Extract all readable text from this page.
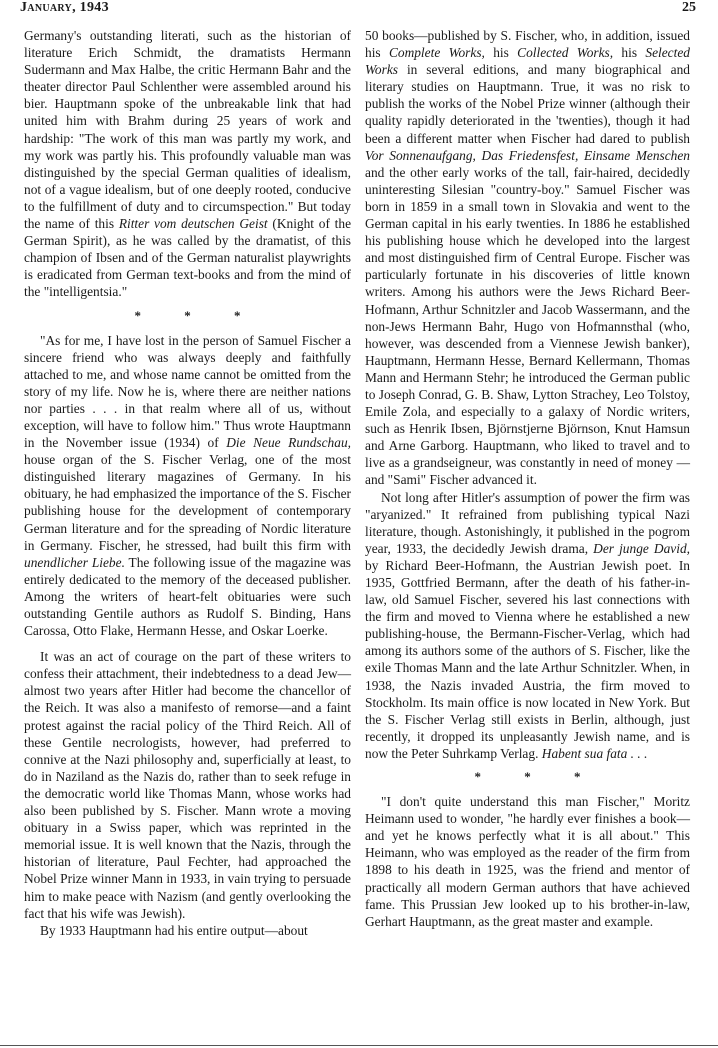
January, 1943	25

Germany's outstanding literati, such as the historian of literature Erich Schmidt, the dramatists Hermann Sudermann and Max Halbe, the critic Hermann Bahr and the theater director Paul Schlenther were assembled around his bier. Hauptmann spoke of the unbreakable link that had united him with Brahm during 25 years of work and hardship: "The work of this man was partly my work, and my work was partly his. This profoundly valuable man was distinguished by the special German qualities of idealism, not of a vague idealism, but of one deeply rooted, conducive to the fulfillment of duty and to circumspection." But today the name of this Ritter vom deutschen Geist (Knight of the German Spirit), as he was called by the dramatist, of this champion of Ibsen and of the German naturalist playwrights is eradicated from German text-books and from the mind of the "intelligentsia."

* * *

"As for me, I have lost in the person of Samuel Fischer a sincere friend who was always deeply and faithfully attached to me, and whose name cannot be omitted from the story of my life. Now he is, where there are neither nations nor parties . . . in that realm where all of us, without exception, will have to follow him." Thus wrote Hauptmann in the November issue (1934) of Die Neue Rundschau, house organ of the S. Fischer Verlag, one of the most distinguished literary magazines of Germany. In his obituary, he had emphasized the importance of the S. Fischer publishing house for the development of contemporary German literature and for the spreading of Nordic literature in Germany. Fischer, he stressed, had built this firm with unendlicher Liebe. The following issue of the magazine was entirely dedicated to the memory of the deceased publisher. Among the writers of heart-felt obituaries were such outstanding Gentile authors as Rudolf S. Binding, Hans Carossa, Otto Flake, Hermann Hesse, and Oskar Loerke.

It was an act of courage on the part of these writers to confess their attachment, their indebtedness to a dead Jew—almost two years after Hitler had become the chancellor of the Reich. It was also a manifesto of remorse—and a faint protest against the racial policy of the Third Reich. All of these Gentile necrologists, however, had preferred to connive at the Nazi philosophy and, superficially at least, to do in Naziland as the Nazis do, rather than to seek refuge in the democratic world like Thomas Mann, whose works had also been published by S. Fischer. Mann wrote a moving obituary in a Swiss paper, which was reprinted in the memorial issue. It is well known that the Nazis, through the historian of literature, Paul Fechter, had approached the Nobel Prize winner Mann in 1933, in vain trying to persuade him to make peace with Nazism (and gently overlooking the fact that his wife was Jewish).

By 1933 Hauptmann had his entire output—about

50 books—published by S. Fischer, who, in addition, issued his Complete Works, his Collected Works, his Selected Works in several editions, and many biographical and literary studies on Hauptmann. True, it was no risk to publish the works of the Nobel Prize winner (although their quality rapidly deteriorated in the 'twenties), though it had been a different matter when Fischer had dared to publish Vor Sonnenaufgang, Das Friedensfest, Einsame Menschen and the other early works of the tall, fair-haired, decidedly uninteresting Silesian "country-boy." Samuel Fischer was born in 1859 in a small town in Slovakia and went to the German capital in his early twenties. In 1886 he established his publishing house which he developed into the largest and most distinguished firm of Central Europe. Fischer was particularly fortunate in his discoveries of little known writers. Among his authors were the Jews Richard Beer-Hofmann, Arthur Schnitzler and Jacob Wassermann, and the non-Jews Hermann Bahr, Hugo von Hofmannsthal (who, however, was descended from a Viennese Jewish banker), Hauptmann, Hermann Hesse, Bernard Kellermann, Thomas Mann and Hermann Stehr; he introduced the German public to Joseph Conrad, G. B. Shaw, Lytton Strachey, Leo Tolstoy, Emile Zola, and especially to a galaxy of Nordic writers, such as Henrik Ibsen, Björnstjerne Björnson, Knut Hamsun and Arne Garborg. Hauptmann, who liked to travel and to live as a grandseigneur, was constantly in need of money — and "Sami" Fischer advanced it.

Not long after Hitler's assumption of power the firm was "aryanized." It refrained from publishing typical Nazi literature, though. Astonishingly, it published in the pogrom year, 1933, the decidedly Jewish drama, Der junge David, by Richard Beer-Hofmann, the Austrian Jewish poet. In 1935, Gottfried Bermann, after the death of his father-in-law, old Samuel Fischer, severed his last connections with the firm and moved to Vienna where he established a new publishing-house, the Bermann-Fischer-Verlag, which had among its authors some of the authors of S. Fischer, like the exile Thomas Mann and the late Arthur Schnitzler. When, in 1938, the Nazis invaded Austria, the firm moved to Stockholm. Its main office is now located in New York. But the S. Fischer Verlag still exists in Berlin, although, just recently, it dropped its unpleasantly Jewish name, and is now the Peter Suhrkamp Verlag. Habent sua fata . . .

* * *

"I don't quite understand this man Fischer," Moritz Heimann used to wonder, "he hardly ever finishes a book—and yet he knows perfectly what it is all about." This Heimann, who was employed as the reader of the firm from 1898 to his death in 1925, was the friend and mentor of practically all modern German authors that have achieved fame. This Prussian Jew looked up to his brother-in-law, Gerhart Hauptmann, as the great master and example.
